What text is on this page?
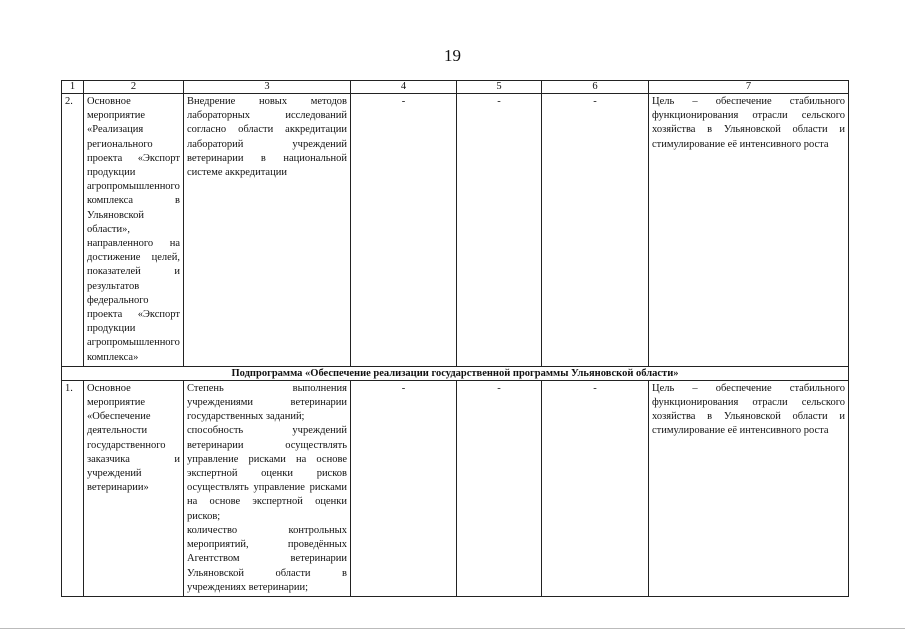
19
1	2	3	4	5	6	7
2.	Основное мероприятие «Реализация регионального проекта «Экспорт продукции агропромышленного комплекса в Ульяновской области», направленного на достижение целей, показателей и результатов федерального проекта «Экспорт продукции агропромышленного комплекса»	Внедрение новых методов лабораторных исследований согласно области аккредитации лабораторий учреждений ветеринарии в национальной системе аккредитации	-	-	-	Цель – обеспечение стабильного функционирования отрасли сельского хозяйства в Ульяновской области и стимулирование её интенсивного роста
Подпрограмма «Обеспечение реализации государственной программы Ульяновской области»						
1.	Основное мероприятие «Обеспечение деятельности государственного заказчика и учреждений ветеринарии»	Степень выполнения учреждениями ветеринарии государственных заданий;
способность учреждений ветеринарии осуществлять управление рисками на основе экспертной оценки рисков осуществлять управление рисками на основе экспертной оценки рисков;
количество контрольных мероприятий, проведённых Агентством ветеринарии Ульяновской области в учреждениях ветеринарии;	-	-	-	Цель – обеспечение стабильного функционирования отрасли сельского хозяйства в Ульяновской области и стимулирование её интенсивного роста
